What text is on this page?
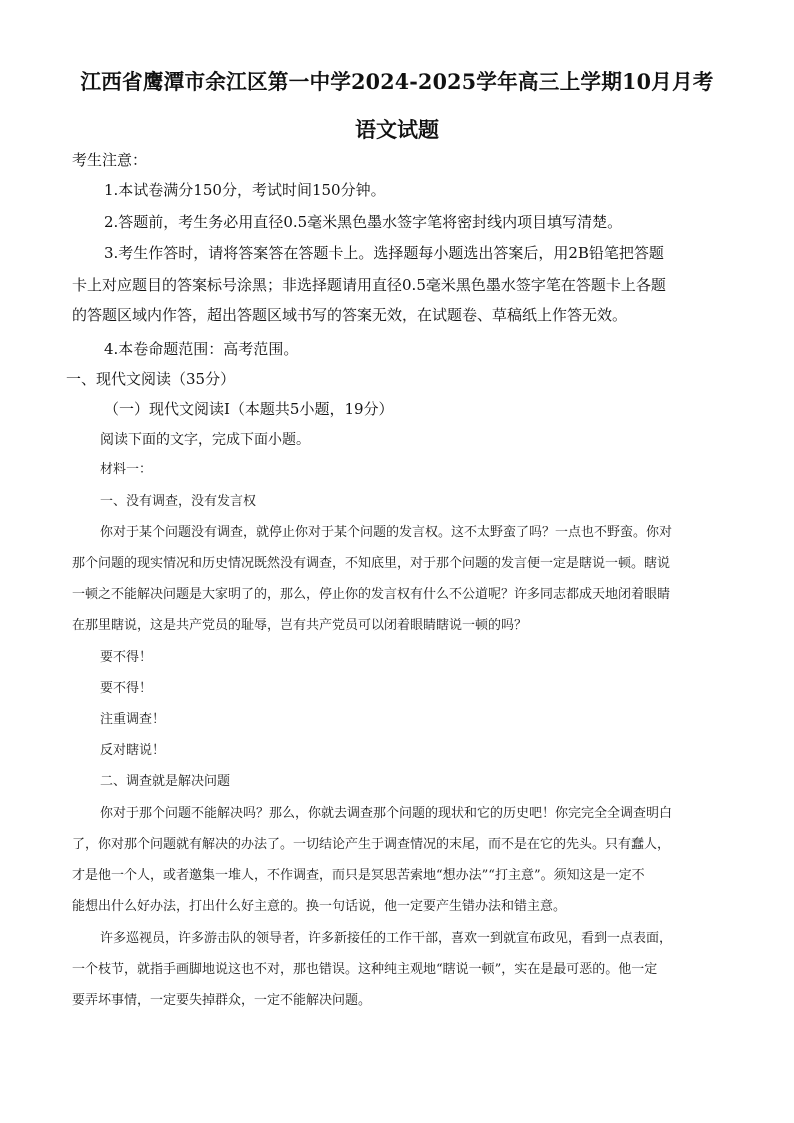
江西省鹰潭市余江区第一中学2024-2025学年高三上学期10月月考
语文试题
考生注意：
1.本试卷满分150分，考试时间150分钟。
2.答题前，考生务必用直径0.5毫米黑色墨水签字笔将密封线内项目填写清楚。
3.考生作答时，请将答案答在答题卡上。选择题每小题选出答案后，用2B铅笔把答题
卡上对应题目的答案标号涂黑；非选择题请用直径0.5毫米黑色墨水签字笔在答题卡上各题
的答题区域内作答，超出答题区域书写的答案无效，在试题卷、草稿纸上作答无效。
4.本卷命题范围：高考范围。
一、现代文阅读（35分）
（一）现代文阅读Ⅰ（本题共5小题，19分）
阅读下面的文字，完成下面小题。
材料一：
一、没有调查，没有发言权
你对于某个问题没有调查，就停止你对于某个问题的发言权。这不太野蛮了吗？一点也不野蛮。你对
那个问题的现实情况和历史情况既然没有调查，不知底里，对于那个问题的发言便一定是瞎说一顿。瞎说
一顿之不能解决问题是大家明了的，那么，停止你的发言权有什么不公道呢？许多同志都成天地闭着眼睛
在那里瞎说，这是共产党员的耻辱，岂有共产党员可以闭着眼睛瞎说一顿的吗？
要不得！
要不得！
注重调查！
反对瞎说！
二、调查就是解决问题
你对于那个问题不能解决吗？那么，你就去调查那个问题的现状和它的历史吧！你完完全全调查明白
了，你对那个问题就有解决的办法了。一切结论产生于调查情况的末尾，而不是在它的先头。只有蠢人，
才是他一个人，或者邀集一堆人，不作调查，而只是冥思苦索地“想办法”“打主意”。须知这是一定不
能想出什么好办法，打出什么好主意的。换一句话说，他一定要产生错办法和错主意。
许多巡视员，许多游击队的领导者，许多新接任的工作干部，喜欢一到就宣布政见，看到一点表面，
一个枝节，就指手画脚地说这也不对，那也错误。这种纯主观地“瞎说一顿”，实在是最可恶的。他一定
要弄坏事情，一定要失掉群众，一定不能解决问题。
